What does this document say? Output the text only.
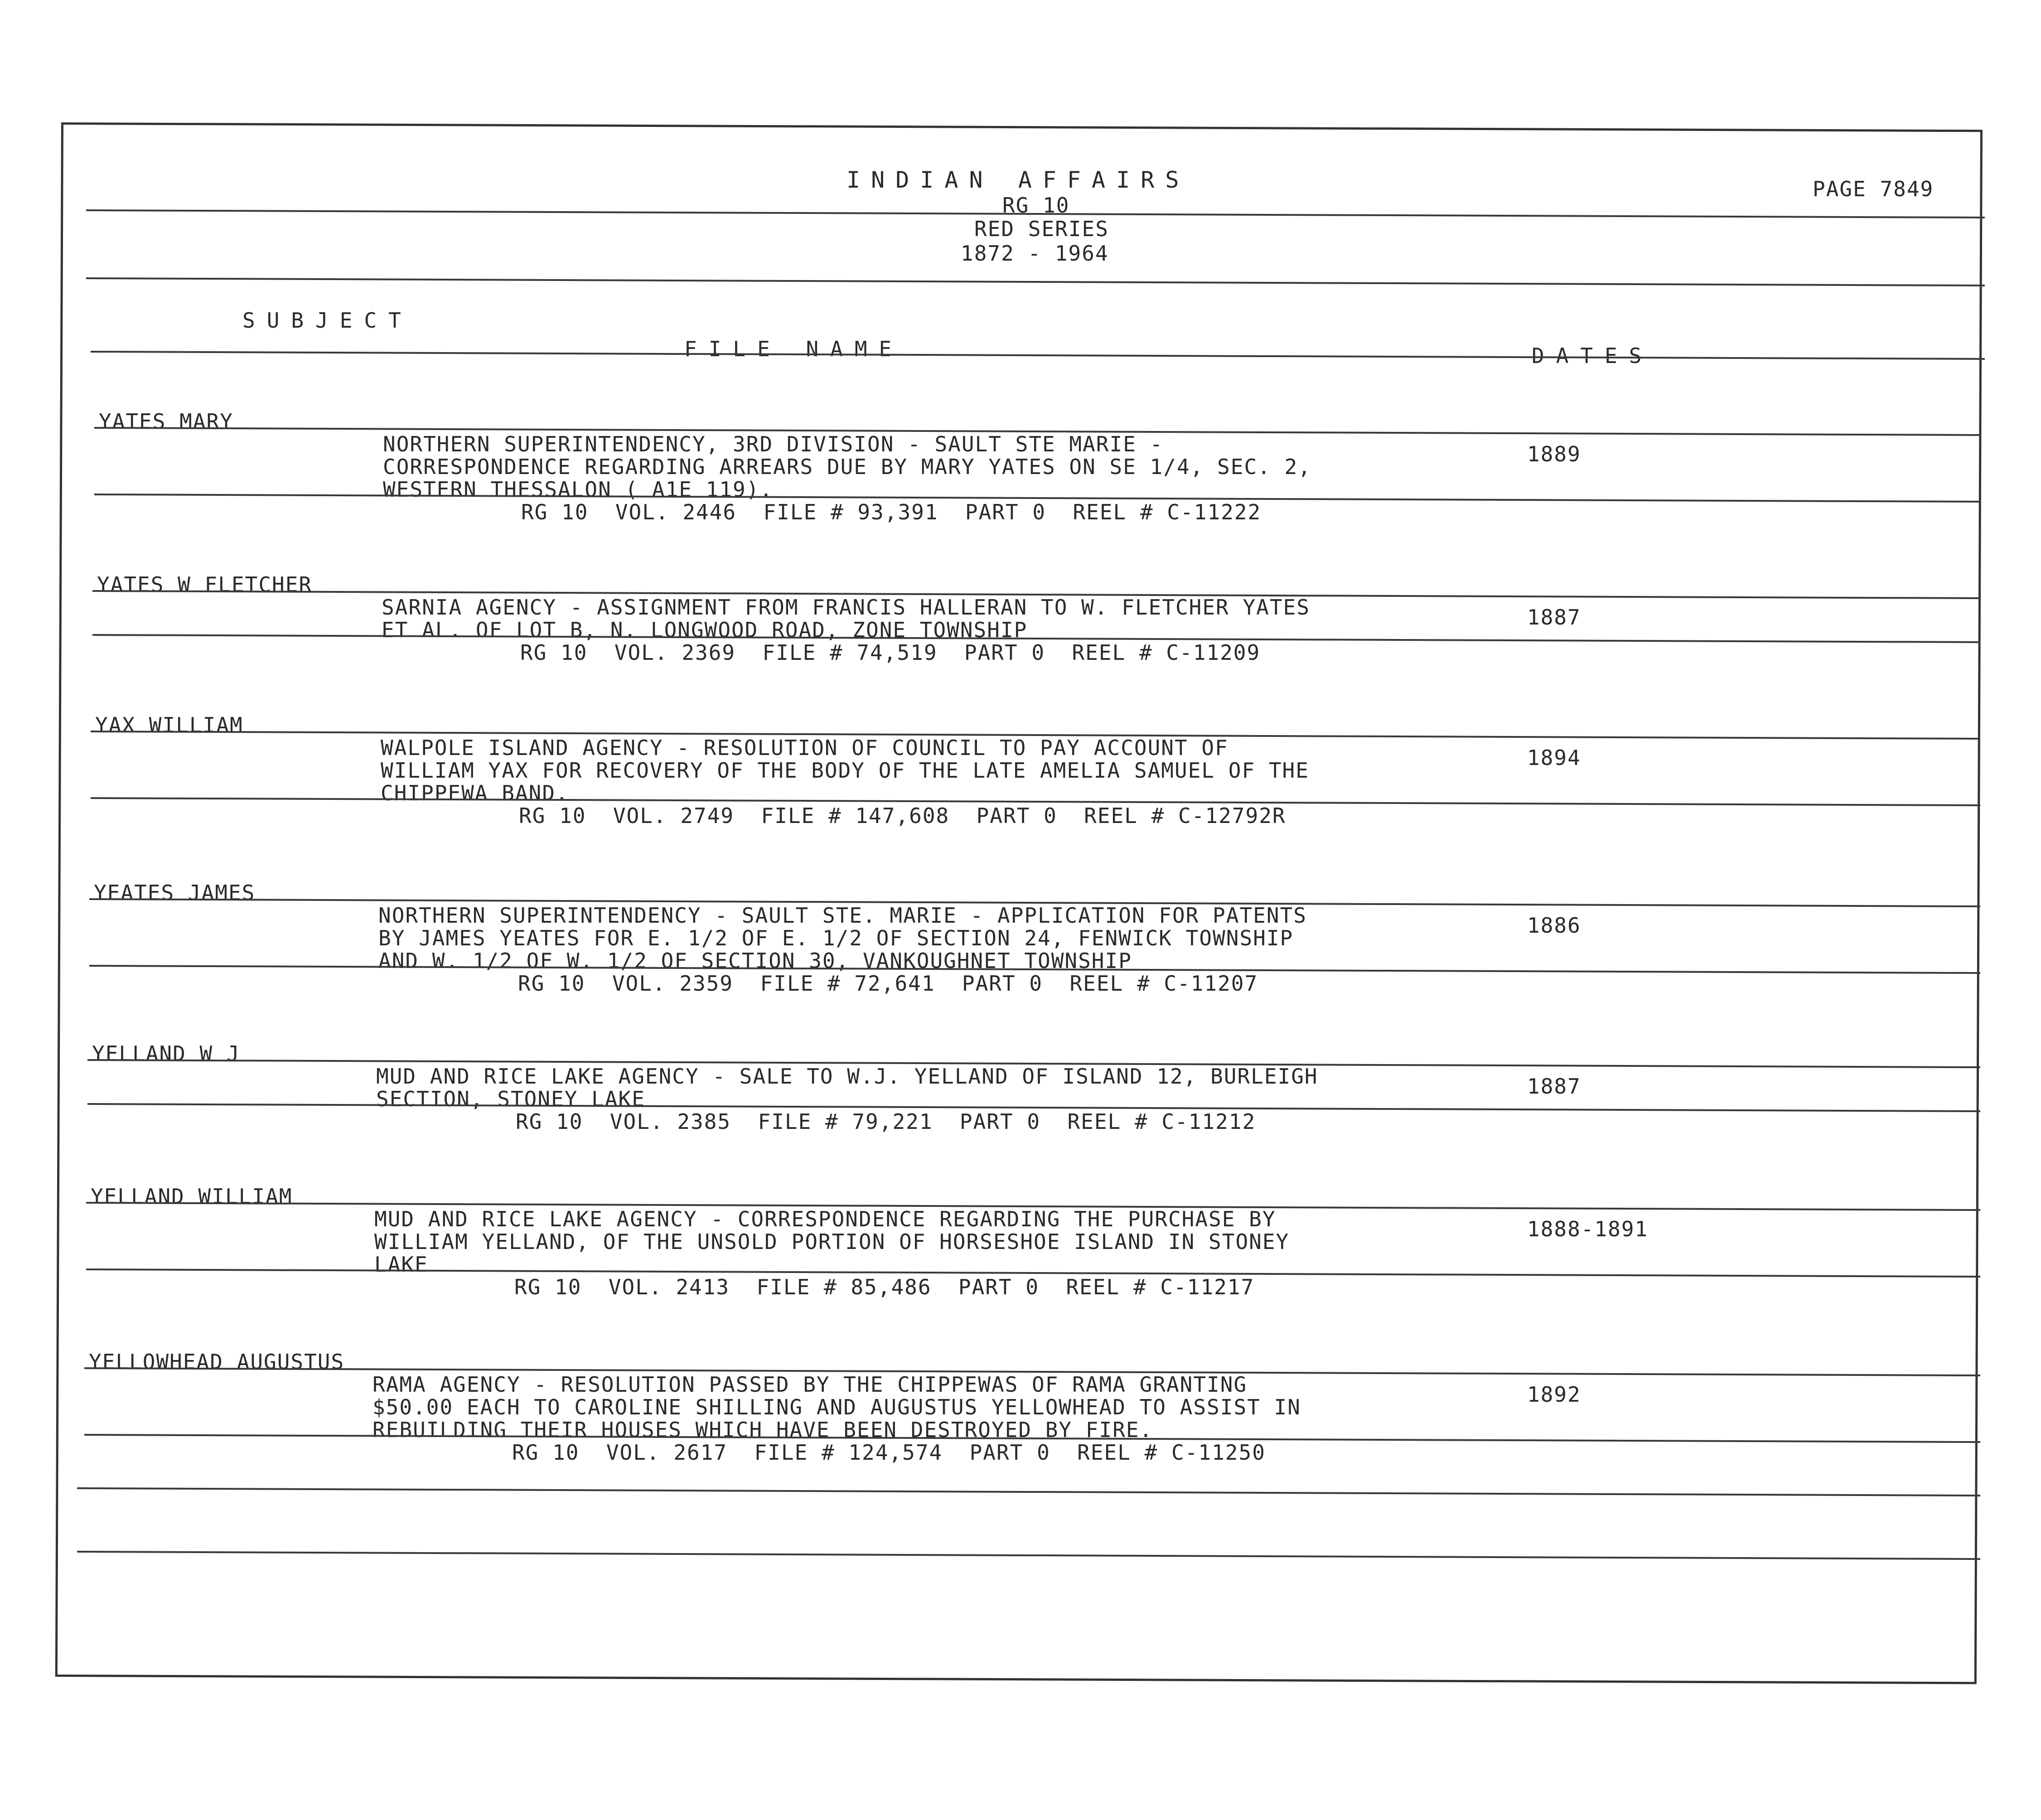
INDIAN AFFAIRS
RG 10
RED SERIES
1872 - 1964
PAGE 7849
SUBJECT
FILE NAME	DATES
YATES MARY
NORTHERN SUPERINTENDENCY, 3RD DIVISION - SAULT STE MARIE -
CORRESPONDENCE REGARDING ARREARS DUE BY MARY YATES ON SE 1/4, SEC. 2,
WESTERN THESSALON ( A1E 119).
RG 10  VOL. 2446  FILE # 93,391  PART 0  REEL # C-11222
1889
YATES W FLETCHER
SARNIA AGENCY - ASSIGNMENT FROM FRANCIS HALLERAN TO W. FLETCHER YATES
ET AL. OF LOT B, N. LONGWOOD ROAD, ZONE TOWNSHIP
RG 10  VOL. 2369  FILE # 74,519  PART 0  REEL # C-11209
1887
YAX WILLIAM
WALPOLE ISLAND AGENCY - RESOLUTION OF COUNCIL TO PAY ACCOUNT OF
WILLIAM YAX FOR RECOVERY OF THE BODY OF THE LATE AMELIA SAMUEL OF THE
CHIPPEWA BAND.
RG 10  VOL. 2749  FILE # 147,608  PART 0  REEL # C-12792R
1894
YEATES JAMES
NORTHERN SUPERINTENDENCY - SAULT STE. MARIE - APPLICATION FOR PATENTS
BY JAMES YEATES FOR E. 1/2 OF E. 1/2 OF SECTION 24, FENWICK TOWNSHIP
AND W. 1/2 OF W. 1/2 OF SECTION 30, VANKOUGHNET TOWNSHIP
RG 10  VOL. 2359  FILE # 72,641  PART 0  REEL # C-11207
1886
YELLAND W J
MUD AND RICE LAKE AGENCY - SALE TO W.J. YELLAND OF ISLAND 12, BURLEIGH
SECTION, STONEY LAKE
RG 10  VOL. 2385  FILE # 79,221  PART 0  REEL # C-11212
1887
YELLAND WILLIAM
MUD AND RICE LAKE AGENCY - CORRESPONDENCE REGARDING THE PURCHASE BY
WILLIAM YELLAND, OF THE UNSOLD PORTION OF HORSESHOE ISLAND IN STONEY
LAKE
RG 10  VOL. 2413  FILE # 85,486  PART 0  REEL # C-11217
1888-1891
YELLOWHEAD AUGUSTUS
RAMA AGENCY - RESOLUTION PASSED BY THE CHIPPEWAS OF RAMA GRANTING
$50.00 EACH TO CAROLINE SHILLING AND AUGUSTUS YELLOWHEAD TO ASSIST IN
REBUILDING THEIR HOUSES WHICH HAVE BEEN DESTROYED BY FIRE.
RG 10  VOL. 2617  FILE # 124,574  PART 0  REEL # C-11250
1892
